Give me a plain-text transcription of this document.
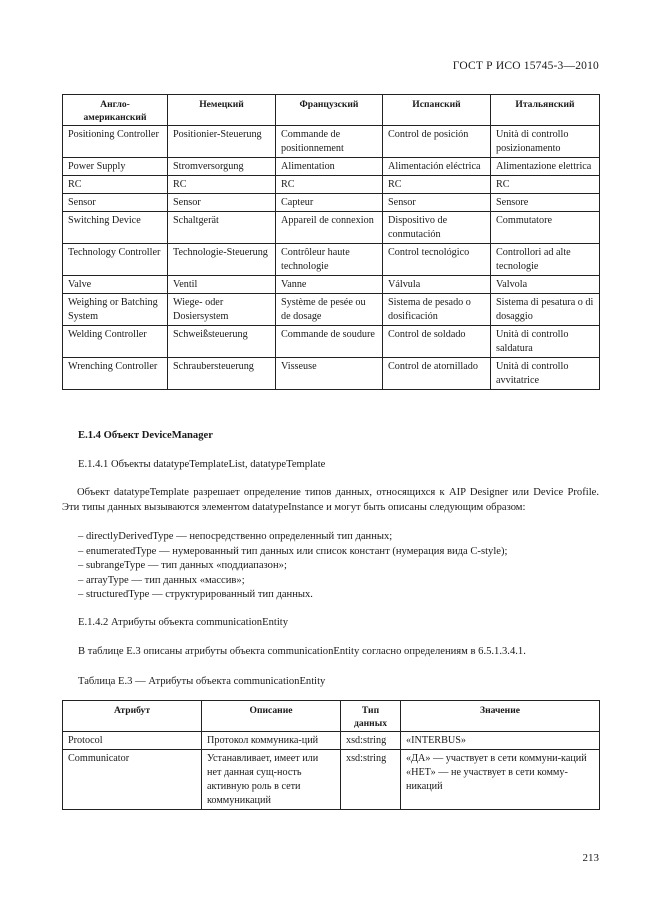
ГОСТ Р ИСО 15745-3—2010
Англо-американский	Немецкий	Французский	Испанский	Итальянский
Positioning Controller	Positionier-Steuerung	Commande de positionnement	Control de posición	Unità di controllo posizionamento
Power Supply	Stromversorgung	Alimentation	Alimentación eléctrica	Alimentazione elettrica
RC	RC	RC	RC	RC
Sensor	Sensor	Capteur	Sensor	Sensore
Switching Device	Schaltgerät	Appareil de connexion	Dispositivo de conmutación	Commutatore
Technology Controller	Technologie-Steuerung	Contrôleur haute technologie	Control tecnológico	Controllori ad alte tecnologie
Valve	Ventil	Vanne	Válvula	Valvola
Weighing or Batching System	Wiege- oder Dosiersystem	Système de pesée ou de dosage	Sistema de pesado o dosificación	Sistema di pesatura o di dosaggio
Welding Controller	Schweißsteuerung	Commande de soudure	Control de soldado	Unità di controllo saldatura
Wrenching Controller	Schraubersteuerung	Visseuse	Control de atornillado	Unità di controllo avvitatrice
E.1.4 Объект DeviceManager
E.1.4.1 Объекты datatypeTemplateList, datatypeTemplate
Объект datatypeTemplate разрешает определение типов данных, относящихся к AIP Designer или Device Profile. Эти типы данных вызываются элементом datatypeInstance и могут быть описаны следующим образом:
– directlyDerivedType — непосредственно определенный тип данных;
– enumeratedType — нумерованный тип данных или список констант (нумерация вида C-style);
– subrangeType — тип данных «поддиапазон»;
– arrayType — тип данных «массив»;
– structuredType — структурированный тип данных.
E.1.4.2 Атрибуты объекта communicationEntity
В таблице E.3 описаны атрибуты объекта communicationEntity согласно определениям в 6.5.1.3.4.1.
Таблица E.3 — Атрибуты объекта communicationEntity
Атрибут	Описание	Тип данных	Значение
Protocol	Протокол коммуника-ций	xsd:string	«INTERBUS»
Communicator	Устанавливает, имеет или нет данная сущ-ность активную роль в сети коммуникаций	xsd:string	«ДА» — участвует в сети коммуни-каций
«НЕТ» — не участвует в сети комму-никаций
213
